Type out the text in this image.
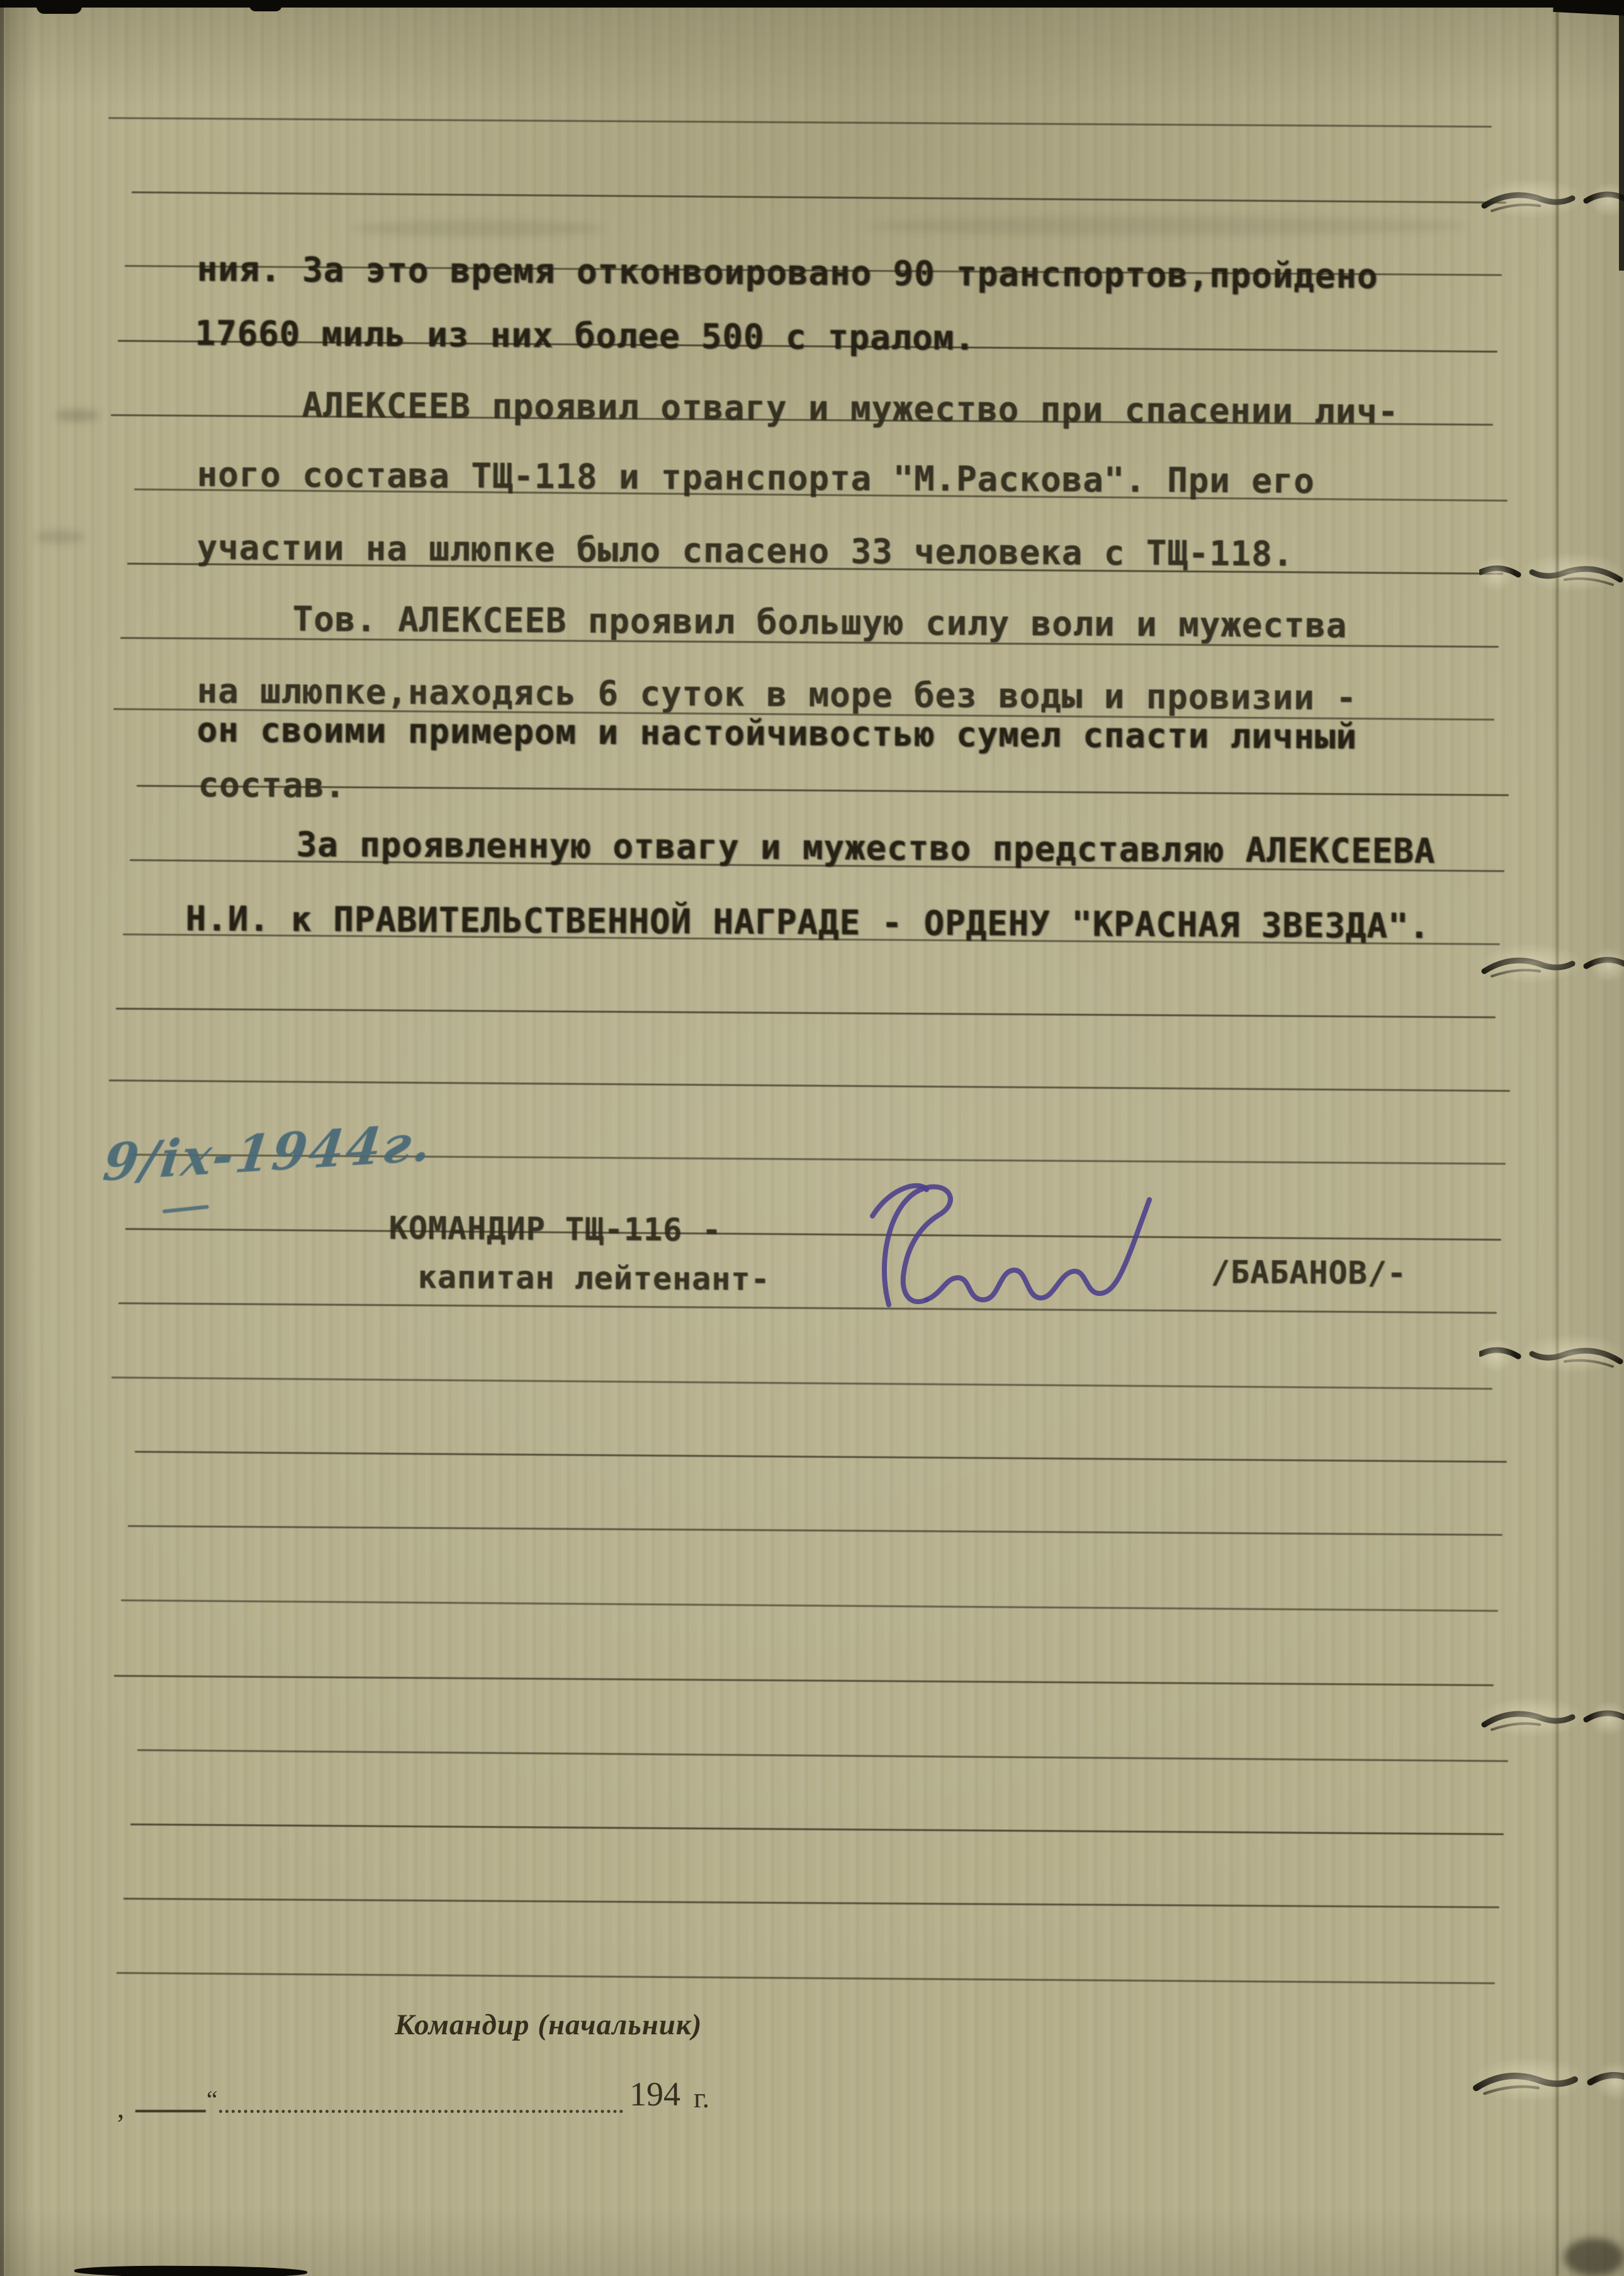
ния. За это время отконвоировано 90 транспортов,пройдено
17660 миль из них более 500 с тралом.
АЛЕКСЕЕВ проявил отвагу и мужество при спасении лич-
ного состава ТЩ-118 и транспорта "М.Раскова". При его
участии на шлюпке было спасено 33 человека с ТЩ-118.
Тов. АЛЕКСЕЕВ проявил большую силу воли и мужества
на шлюпке,находясь 6 суток в море без воды и провизии -
он своими примером и настойчивостью сумел спасти личный
состав.
За проявленную отвагу и мужество представляю АЛЕКСЕЕВА
Н.И. к ПРАВИТЕЛЬСТВЕННОЙ НАГРАДЕ - ОРДЕНУ "КРАСНАЯ ЗВЕЗДА".
9/ix-1944г.
КОМАНДИР ТЩ-116 -
капитан лейтенант-	/БАБАНОВ/-
Командир (начальник)
,	“	194 г.
